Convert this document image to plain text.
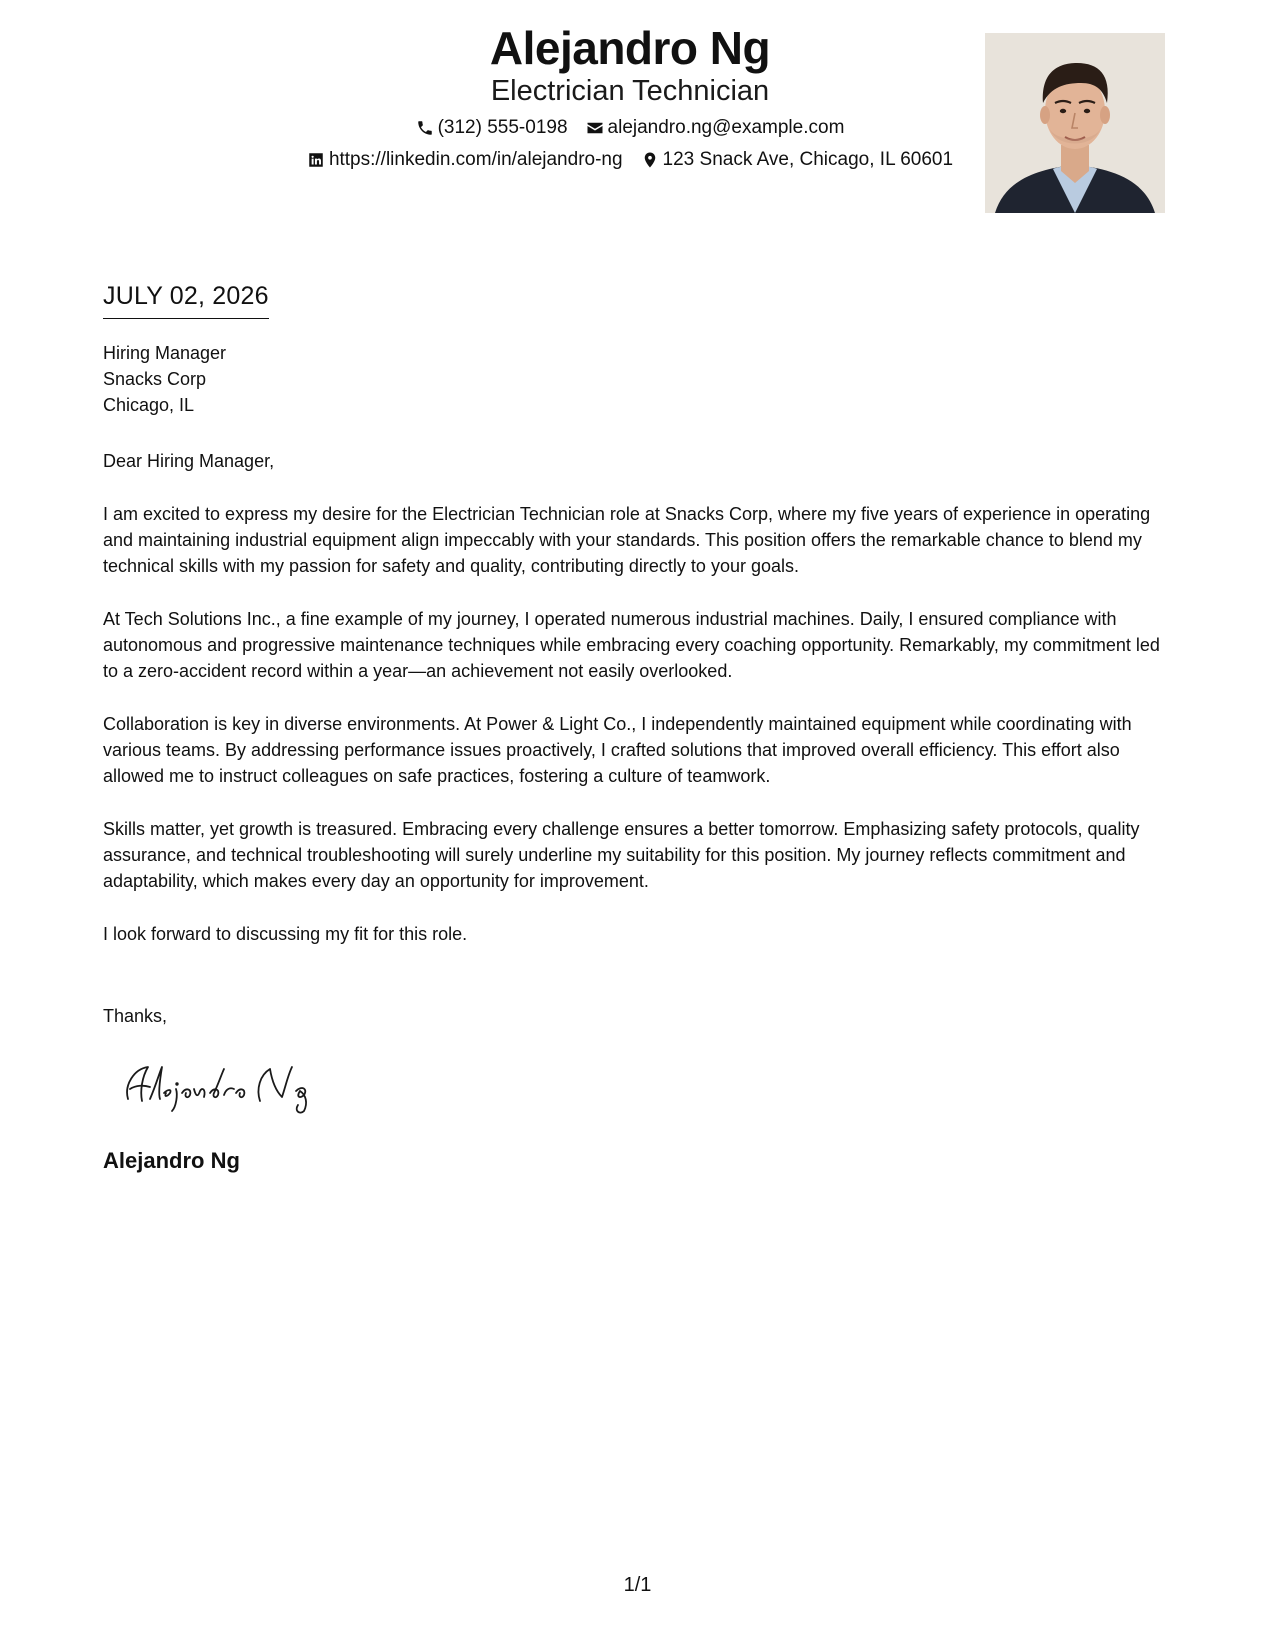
Alejandro Ng
Electrician Technician
(312) 555-0198 alejandro.ng@example.com
https://linkedin.com/in/alejandro-ng 123 Snack Ave, Chicago, IL 60601
JULY 02, 2026
Hiring Manager
Snacks Corp
Chicago, IL

Dear Hiring Manager,

I am excited to express my desire for the Electrician Technician role at Snacks Corp, where my five years of experience in operating and maintaining industrial equipment align impeccably with your standards. This position offers the remarkable chance to blend my technical skills with my passion for safety and quality, contributing directly to your goals.

At Tech Solutions Inc., a fine example of my journey, I operated numerous industrial machines. Daily, I ensured compliance with autonomous and progressive maintenance techniques while embracing every coaching opportunity. Remarkably, my commitment led to a zero-accident record within a year—an achievement not easily overlooked.

Collaboration is key in diverse environments. At Power & Light Co., I independently maintained equipment while coordinating with various teams. By addressing performance issues proactively, I crafted solutions that improved overall efficiency. This effort also allowed me to instruct colleagues on safe practices, fostering a culture of teamwork.

Skills matter, yet growth is treasured. Embracing every challenge ensures a better tomorrow. Emphasizing safety protocols, quality assurance, and technical troubleshooting will surely underline my suitability for this position. My journey reflects commitment and adaptability, which makes every day an opportunity for improvement.

I look forward to discussing my fit for this role.

Thanks,
Alejandro Ng
1/1
